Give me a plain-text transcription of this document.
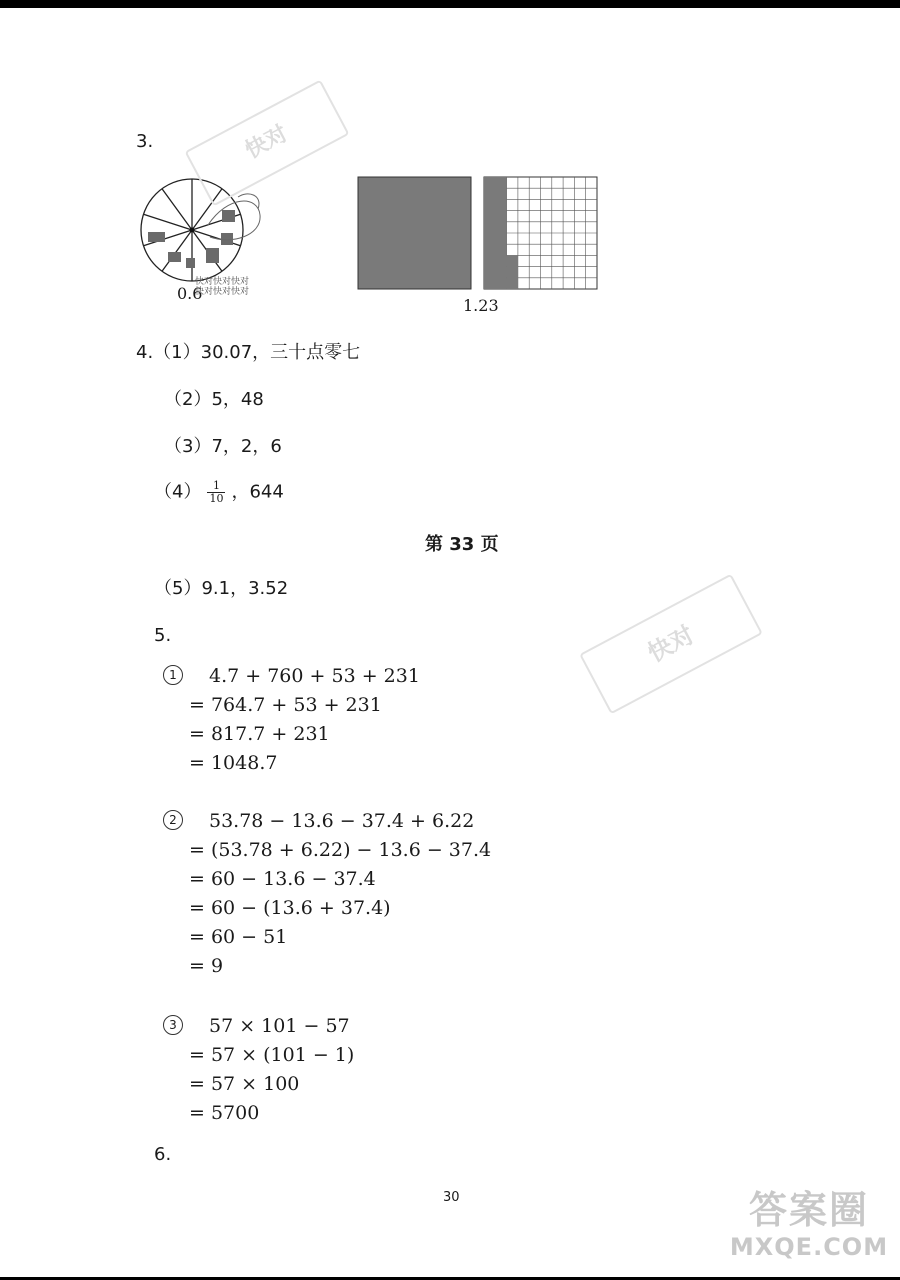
3.
0.6
快对快对快对
快对快对快对
1.23
4.（1）30.07，三十点零七
（2）5，48
（3）7，2，6
$(4) \frac{1}{10}$ ，644
第 33 页
（5）9.1，3.52
5.
1 4.7 + 760 + 53 + 231
= 764.7 + 53 + 231
= 817.7 + 231
= 1048.7
2 53.78 − 13.6 − 37.4 + 6.22
= (53.78 + 6.22) − 13.6 − 37.4
= 60 − 13.6 − 37.4
= 60 − (13.6 + 37.4)
= 60 − 51
= 9
3 57 × 101 − 57
= 57 × (101 − 1)
= 57 × 100
= 5700
6.
30
快对
快对
答案圈
MXQE.COM
